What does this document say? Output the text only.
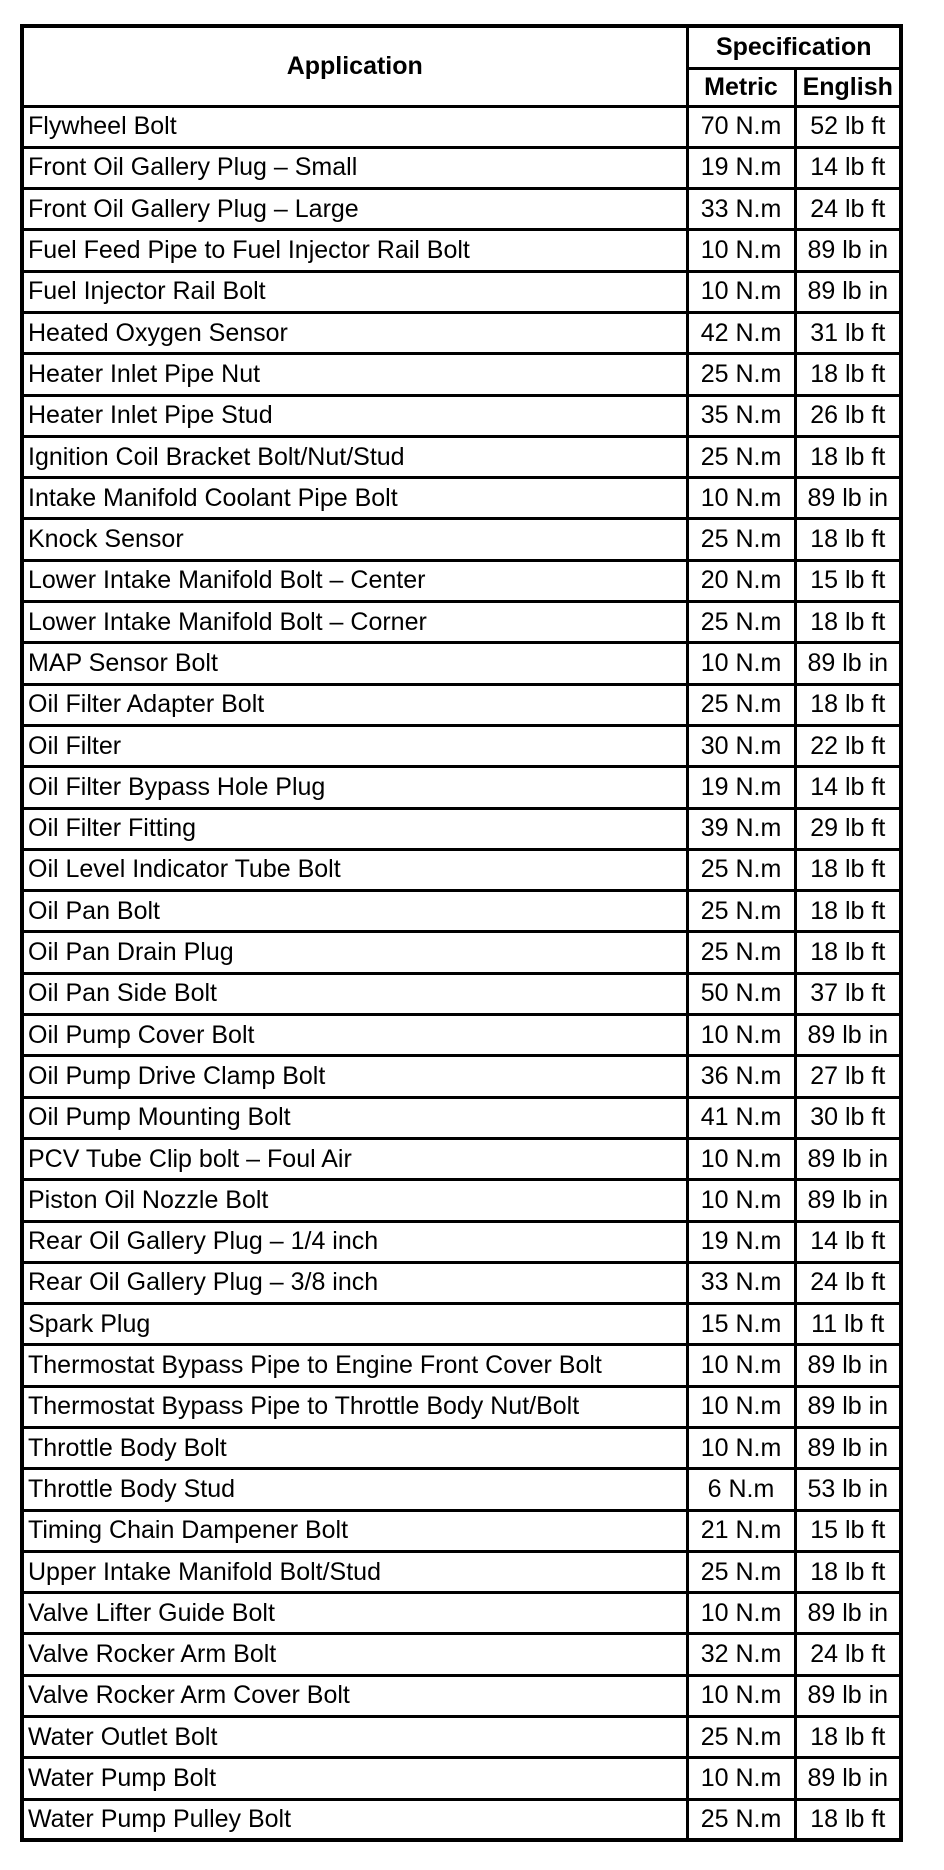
Application	Specification	
	Metric	English
Flywheel Bolt	70 N.m	52 lb ft
Front Oil Gallery Plug – Small	19 N.m	14 lb ft
Front Oil Gallery Plug – Large	33 N.m	24 lb ft
Fuel Feed Pipe to Fuel Injector Rail Bolt	10 N.m	89 lb in
Fuel Injector Rail Bolt	10 N.m	89 lb in
Heated Oxygen Sensor	42 N.m	31 lb ft
Heater Inlet Pipe Nut	25 N.m	18 lb ft
Heater Inlet Pipe Stud	35 N.m	26 lb ft
Ignition Coil Bracket Bolt/Nut/Stud	25 N.m	18 lb ft
Intake Manifold Coolant Pipe Bolt	10 N.m	89 lb in
Knock Sensor	25 N.m	18 lb ft
Lower Intake Manifold Bolt – Center	20 N.m	15 lb ft
Lower Intake Manifold Bolt – Corner	25 N.m	18 lb ft
MAP Sensor Bolt	10 N.m	89 lb in
Oil Filter Adapter Bolt	25 N.m	18 lb ft
Oil Filter	30 N.m	22 lb ft
Oil Filter Bypass Hole Plug	19 N.m	14 lb ft
Oil Filter Fitting	39 N.m	29 lb ft
Oil Level Indicator Tube Bolt	25 N.m	18 lb ft
Oil Pan Bolt	25 N.m	18 lb ft
Oil Pan Drain Plug	25 N.m	18 lb ft
Oil Pan Side Bolt	50 N.m	37 lb ft
Oil Pump Cover Bolt	10 N.m	89 lb in
Oil Pump Drive Clamp Bolt	36 N.m	27 lb ft
Oil Pump Mounting Bolt	41 N.m	30 lb ft
PCV Tube Clip bolt – Foul Air	10 N.m	89 lb in
Piston Oil Nozzle Bolt	10 N.m	89 lb in
Rear Oil Gallery Plug – 1/4 inch	19 N.m	14 lb ft
Rear Oil Gallery Plug – 3/8 inch	33 N.m	24 lb ft
Spark Plug	15 N.m	11 lb ft
Thermostat Bypass Pipe to Engine Front Cover Bolt	10 N.m	89 lb in
Thermostat Bypass Pipe to Throttle Body Nut/Bolt	10 N.m	89 lb in
Throttle Body Bolt	10 N.m	89 lb in
Throttle Body Stud	6 N.m	53 lb in
Timing Chain Dampener Bolt	21 N.m	15 lb ft
Upper Intake Manifold Bolt/Stud	25 N.m	18 lb ft
Valve Lifter Guide Bolt	10 N.m	89 lb in
Valve Rocker Arm Bolt	32 N.m	24 lb ft
Valve Rocker Arm Cover Bolt	10 N.m	89 lb in
Water Outlet Bolt	25 N.m	18 lb ft
Water Pump Bolt	10 N.m	89 lb in
Water Pump Pulley Bolt	25 N.m	18 lb ft
